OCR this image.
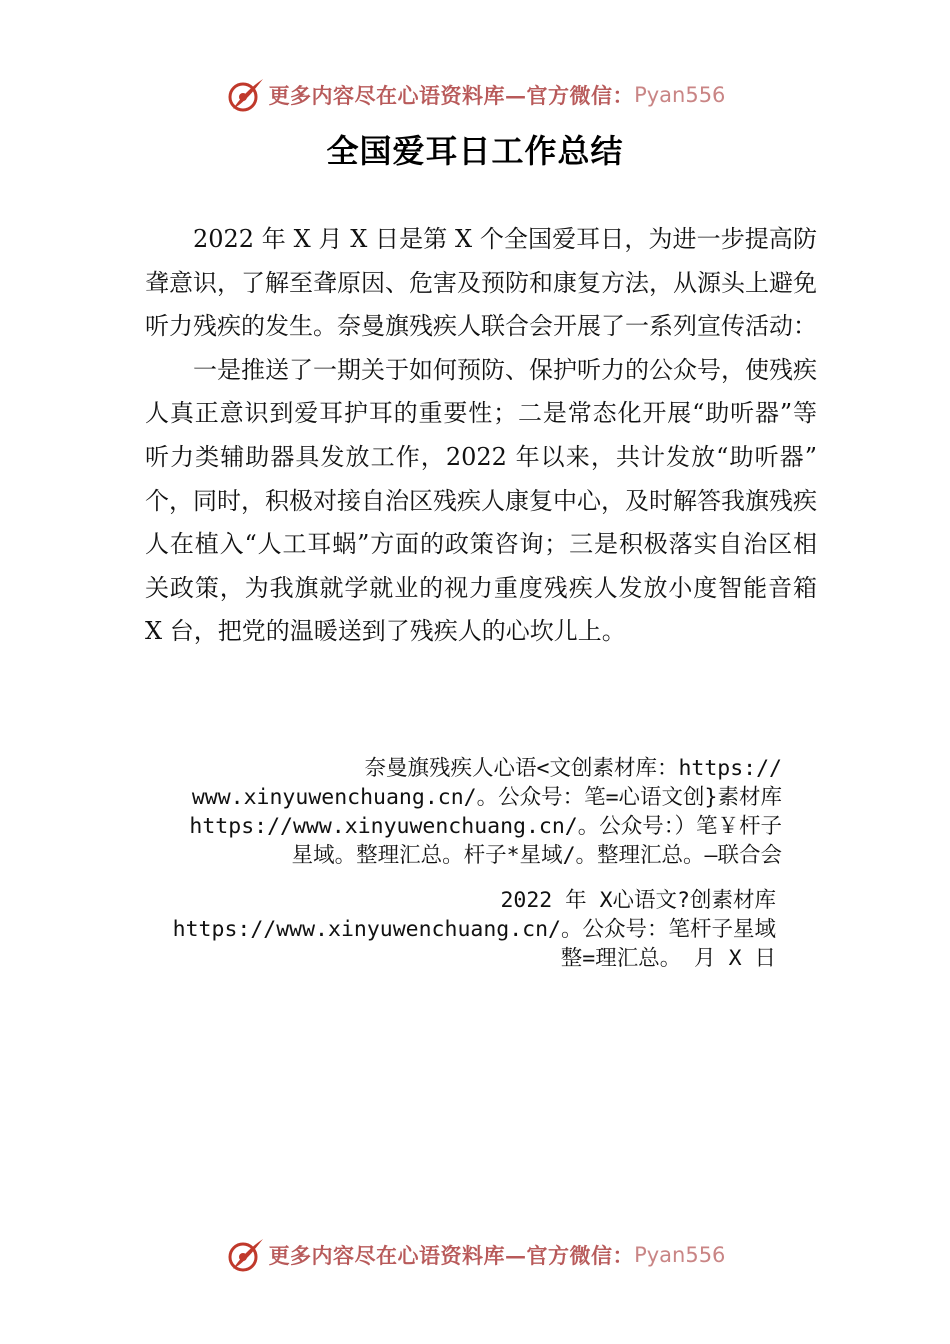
更多内容尽在心语资料库—官方微信： Pyan556
全国爱耳日工作总结

2022 年 X 月 X 日是第 X 个全国爱耳日，为进一步提高防聋意识，了解至聋原因、危害及预防和康复方法，从源头上避免听力残疾的发生。奈曼旗残疾人联合会开展了一系列宣传活动：

一是推送了一期关于如何预防、保护听力的公众号，使残疾人真正意识到爱耳护耳的重要性；二是常态化开展“助听器”等听力类辅助器具发放工作，2022 年以来，共计发放“助听器”　个，同时，积极对接自治区残疾人康复中心，及时解答我旗残疾人在植入“人工耳蜗”方面的政策咨询；三是积极落实自治区相关政策，为我旗就学就业的视力重度残疾人发放小度智能音箱 X 台，把党的温暖送到了残疾人的心坎儿上。

奈曼旗残疾人心语<文创素材库：https://
www.xinyuwenchuang.cn/。公众号：笔=心语文创}素材库
https://www.xinyuwenchuang.cn/。公众号：）笔￥杆子
星域。整理汇总。杆子*星域/。整理汇总。—联合会
2022 年 X心语文?创素材库
https://www.xinyuwenchuang.cn/。公众号：笔杆子星域
整=理汇总。 月 X 日
更多内容尽在心语资料库—官方微信： Pyan556
